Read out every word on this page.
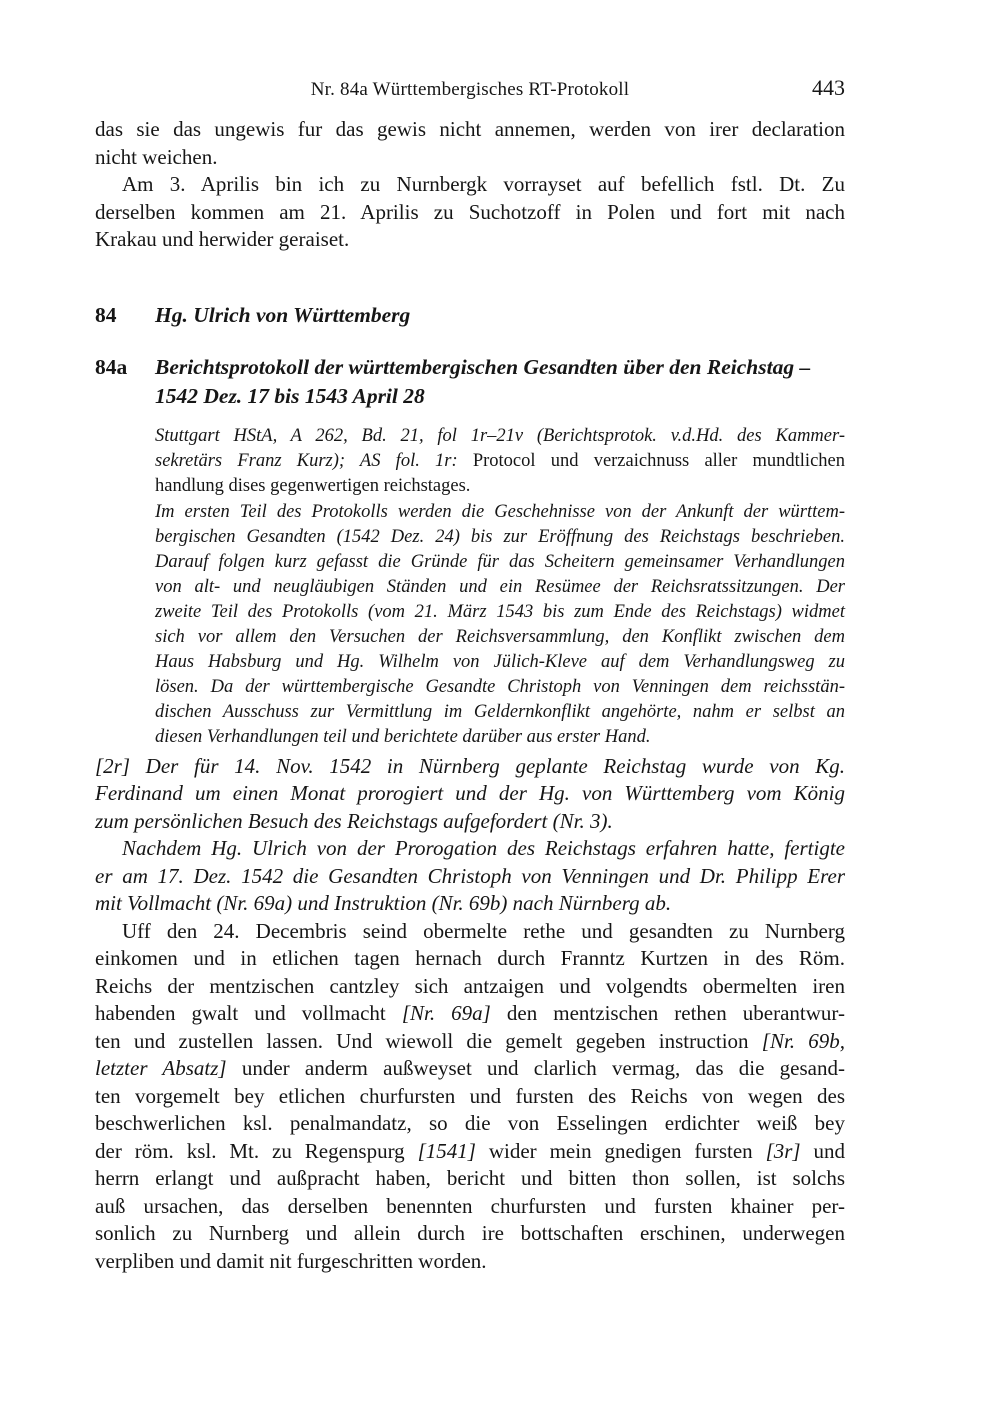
Nr. 84a Württembergisches RT-Protokoll	443
das sie das ungewis fur das gewis nicht annemen, werden von irer declaration
nicht weichen.
Am 3. Aprilis bin ich zu Nurnbergk vorrayset auf befellich fstl. Dt. Zu
derselben kommen am 21. Aprilis zu Suchotzoff in Polen und fort mit nach
Krakau und herwider geraiset.
84 Hg. Ulrich von Württemberg
84a Berichtsprotokoll der württembergischen Gesandten über den Reichstag –
1542 Dez. 17 bis 1543 April 28
Stuttgart HStA, A 262, Bd. 21, fol 1r–21v (Berichtsprotok. v.d.Hd. des Kammer-
sekretärs Franz Kurz); AS fol. 1r: Protocol und verzaichnuss aller mundtlichen
handlung dises gegenwertigen reichstages.
Im ersten Teil des Protokolls werden die Geschehnisse von der Ankunft der württem-
bergischen Gesandten (1542 Dez. 24) bis zur Eröffnung des Reichstags beschrieben.
Darauf folgen kurz gefasst die Gründe für das Scheitern gemeinsamer Verhandlungen
von alt- und neugläubigen Ständen und ein Resümee der Reichsratssitzungen. Der
zweite Teil des Protokolls (vom 21. März 1543 bis zum Ende des Reichstags) widmet
sich vor allem den Versuchen der Reichsversammlung, den Konflikt zwischen dem
Haus Habsburg und Hg. Wilhelm von Jülich-Kleve auf dem Verhandlungsweg zu
lösen. Da der württembergische Gesandte Christoph von Venningen dem reichsstän-
dischen Ausschuss zur Vermittlung im Geldernkonflikt angehörte, nahm er selbst an
diesen Verhandlungen teil und berichtete darüber aus erster Hand.
[2r] Der für 14. Nov. 1542 in Nürnberg geplante Reichstag wurde von Kg.
Ferdinand um einen Monat prorogiert und der Hg. von Württemberg vom König
zum persönlichen Besuch des Reichstags aufgefordert (Nr. 3).
Nachdem Hg. Ulrich von der Prorogation des Reichstags erfahren hatte, fertigte
er am 17. Dez. 1542 die Gesandten Christoph von Venningen und Dr. Philipp Erer
mit Vollmacht (Nr. 69a) und Instruktion (Nr. 69b) nach Nürnberg ab.
Uff den 24. Decembris seind obermelte rethe und gesandten zu Nurnberg
einkomen und in etlichen tagen hernach durch Franntz Kurtzen in des Röm.
Reichs der mentzischen cantzley sich antzaigen und volgendts obermelten iren
habenden gwalt und vollmacht [Nr. 69a] den mentzischen rethen uberantwur-
ten und zustellen lassen. Und wiewoll die gemelt gegeben instruction [Nr. 69b,
letzter Absatz] under anderm außweyset und clarlich vermag, das die gesand-
ten vorgemelt bey etlichen churfursten und fursten des Reichs von wegen des
beschwerlichen ksl. penalmandatz, so die von Esselingen erdichter weiß bey
der röm. ksl. Mt. zu Regenspurg [1541] wider mein gnedigen fursten [3r] und
herrn erlangt und außpracht haben, bericht und bitten thon sollen, ist solchs
auß ursachen, das derselben benennten churfursten und fursten khainer per-
sonlich zu Nurnberg und allein durch ire bottschaften erschinen, underwegen
verpliben und damit nit furgeschritten worden.
